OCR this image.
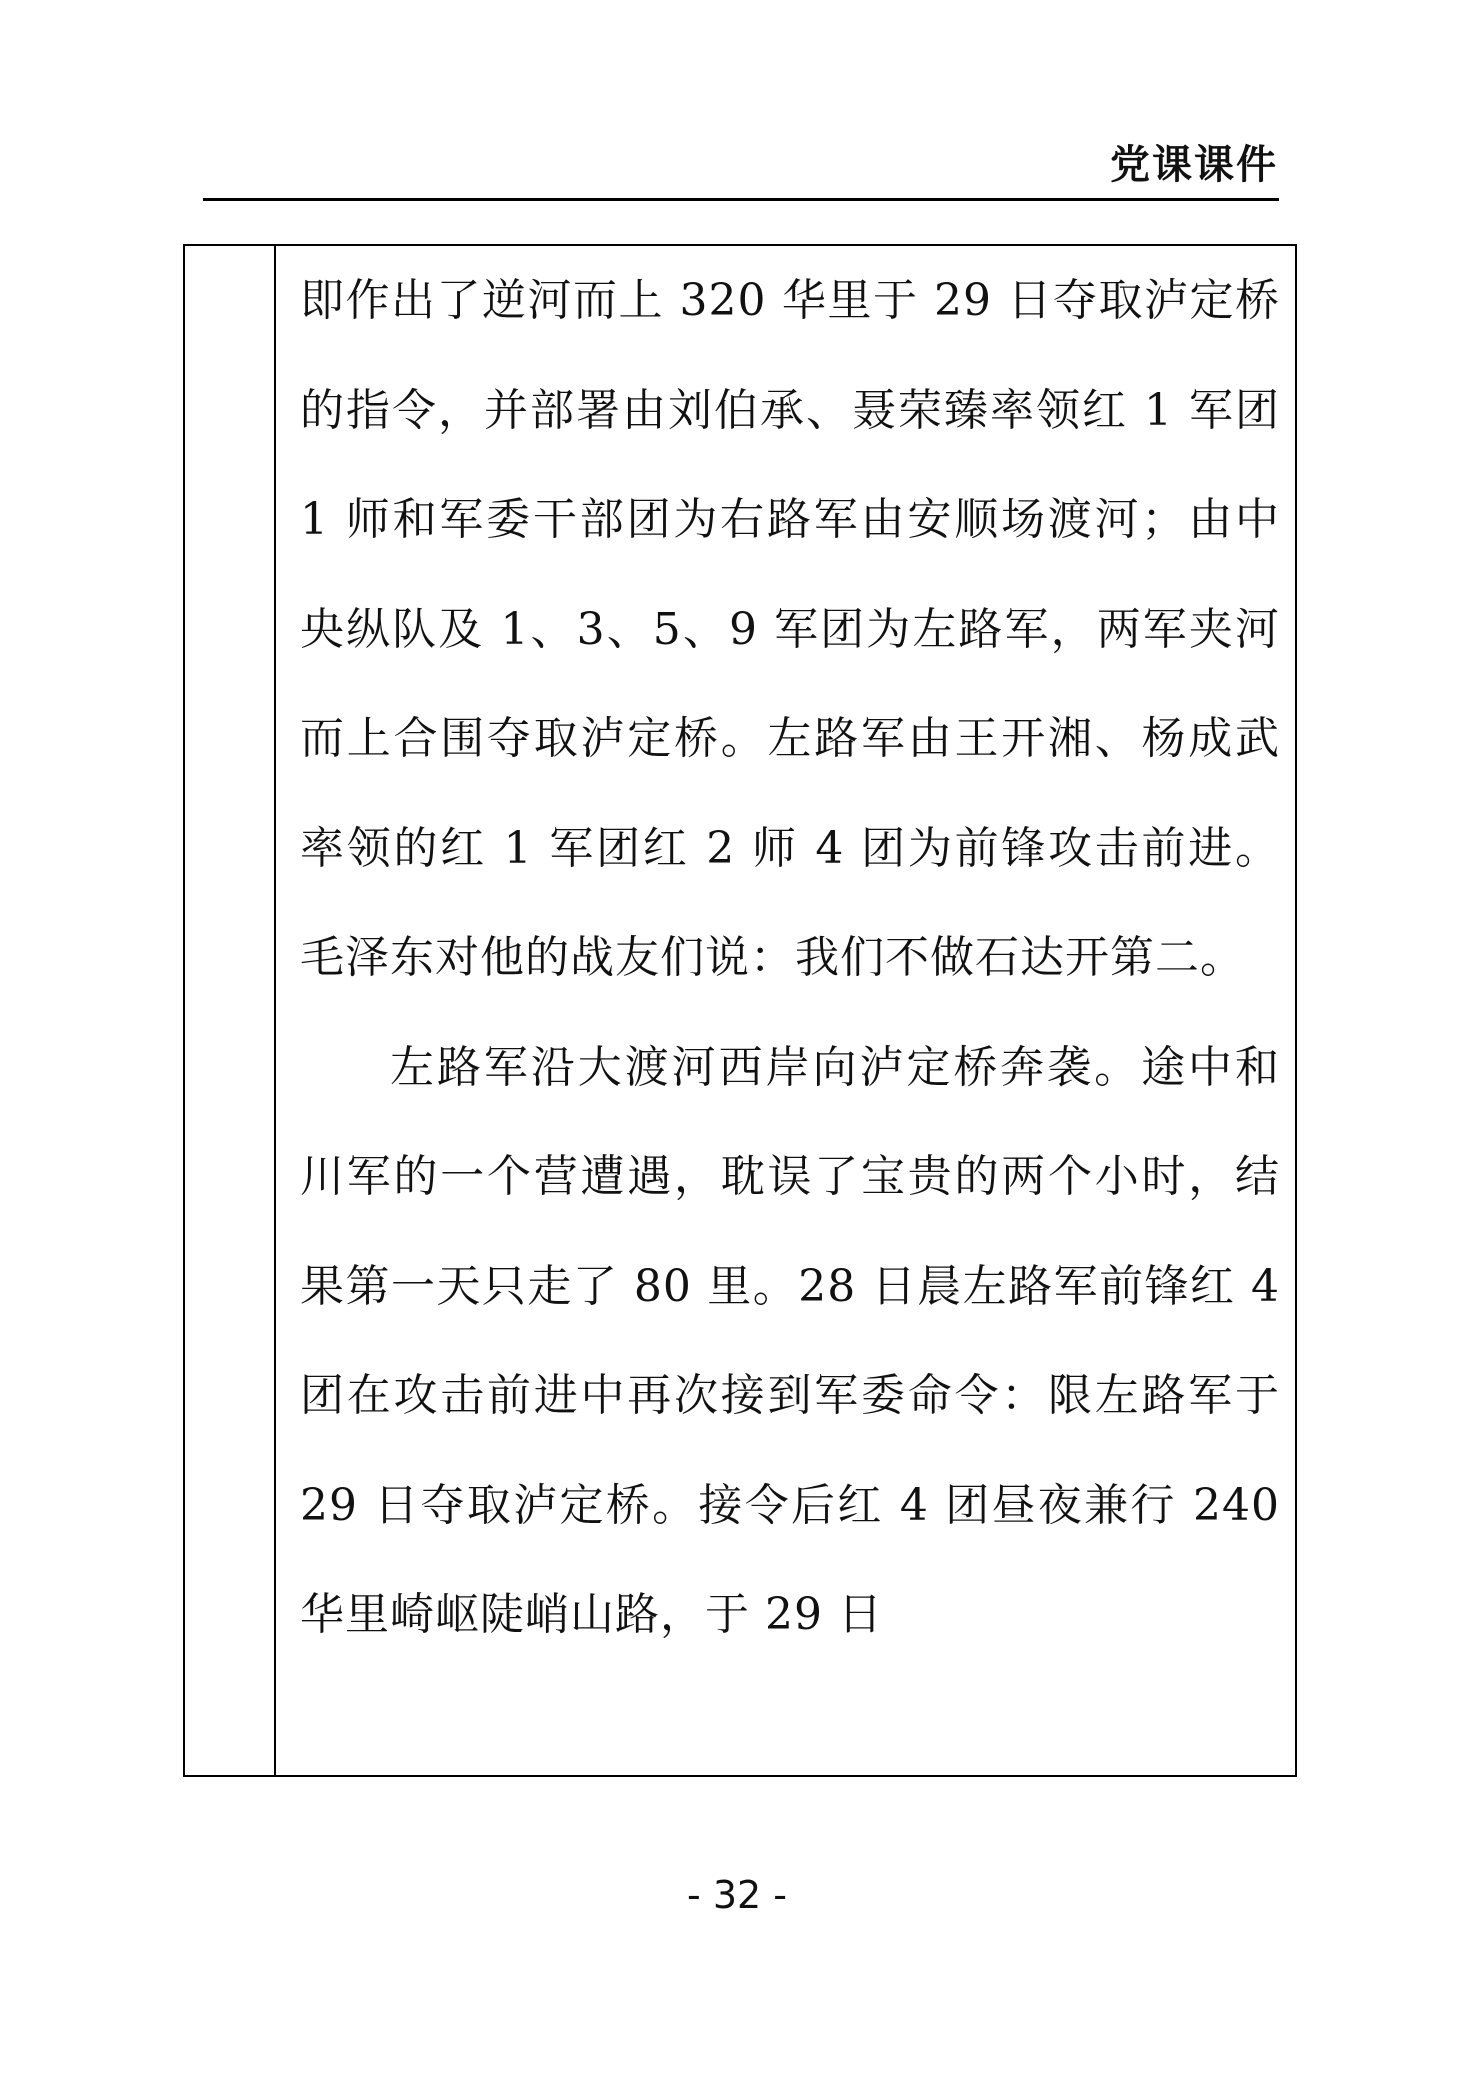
党课课件

即作出了逆河而上 320 华里于 29 日夺取泸定桥的指令，并部署由刘伯承、聂荣臻率领红 1 军团 1 师和军委干部团为右路军由安顺场渡河；由中央纵队及 1、3、5、9 军团为左路军，两军夹河而上合围夺取泸定桥。左路军由王开湘、杨成武率领的红 1 军团红 2 师 4 团为前锋攻击前进。毛泽东对他的战友们说：我们不做石达开第二。

左路军沿大渡河西岸向泸定桥奔袭。途中和川军的一个营遭遇，耽误了宝贵的两个小时，结果第一天只走了 80 里。28 日晨左路军前锋红 4 团在攻击前进中再次接到军委命令：限左路军于 29 日夺取泸定桥。接令后红 4 团昼夜兼行 240 华里崎岖陡峭山路，于 29 日

- 32 -
